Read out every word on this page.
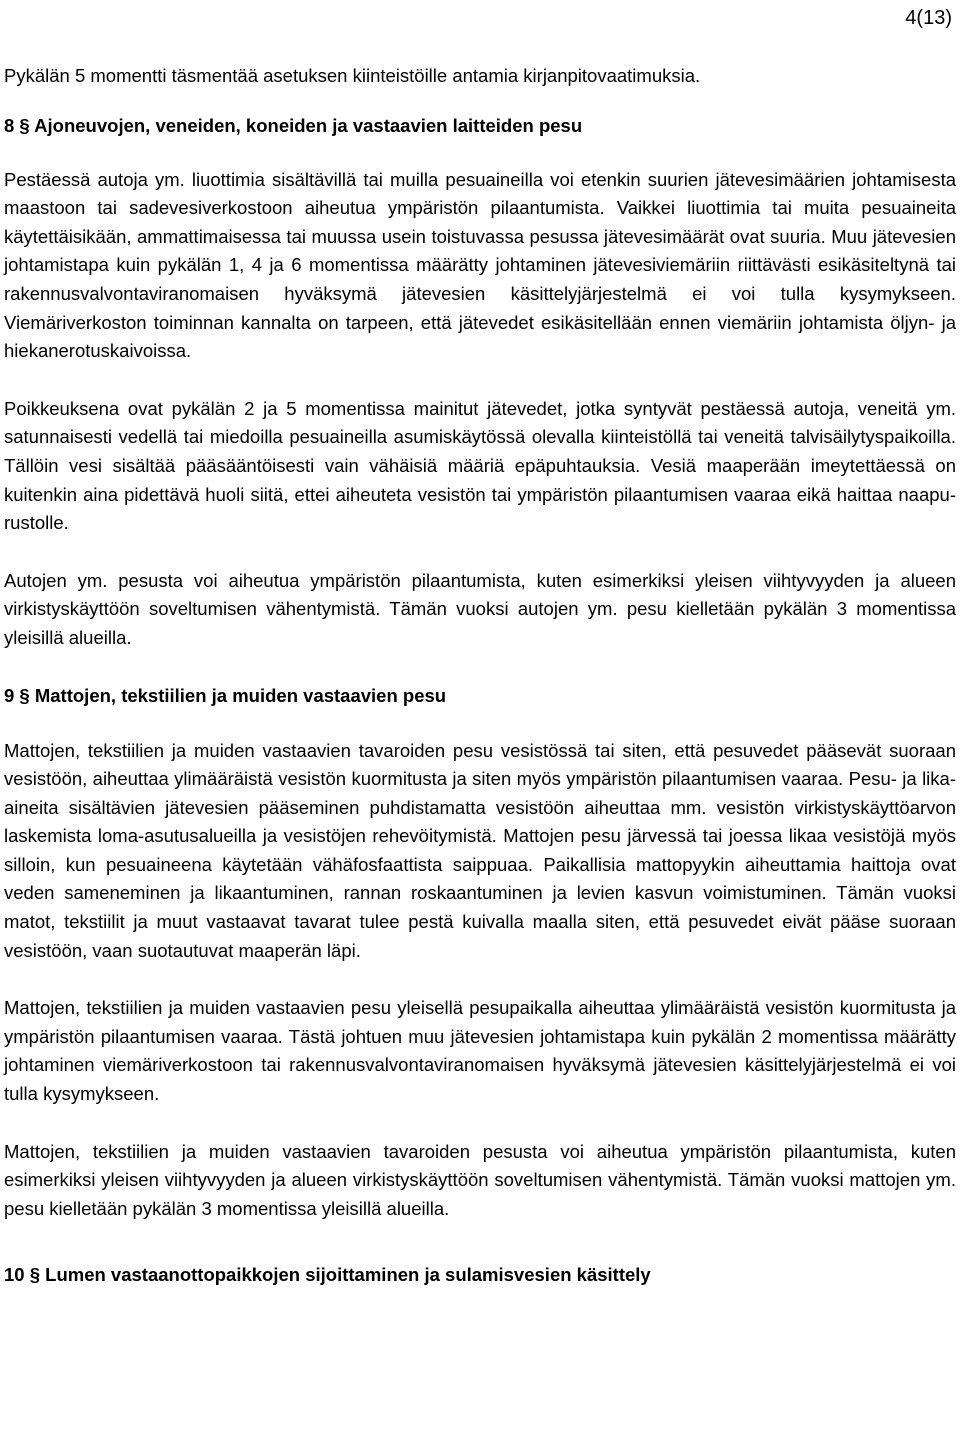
4(13)

Pykälän 5 momentti täsmentää asetuksen kiinteistöille antamia kirjanpitovaatimuksia.

8 § Ajoneuvojen, veneiden, koneiden ja vastaavien laitteiden pesu

Pestäessä autoja ym. liuottimia sisältävillä tai muilla pesuaineilla voi etenkin suurien jätevesimäärien johtamisesta maastoon tai sadevesiverkostoon aiheutua ympäristön pilaantumista. Vaikkei liuottimia tai muita pesuaineita käytettäisikään, ammattimaisessa tai muussa usein toistuvassa pesussa jätevesimäärät ovat suuria. Muu jätevesien johtamistapa kuin pykälän 1, 4 ja 6 momentissa määrätty johtaminen jätevesiviemäriin riittävästi esikäsiteltynä tai rakennusvalvontaviranomaisen hyväksymä jätevesien käsittelyjärjestelmä ei voi tulla kysymykseen. Viemäriverkoston toiminnan kannalta on tarpeen, että jätevedet esikäsitellään ennen viemäriin johtamista öljyn- ja hiekanerotuskaivoissa.

Poikkeuksena ovat pykälän 2 ja 5 momentissa mainitut jätevedet, jotka syntyvät pestäessä autoja, veneitä ym. satunnaisesti vedellä tai miedoilla pesuaineilla asumiskäytössä olevalla kiinteistöllä tai veneitä talvisäilytyspaikoilla. Tällöin vesi sisältää pääsääntöisesti vain vähäisiä määriä epäpuhtauksia. Vesiä maaperään imeytettäessä on kuitenkin aina pidettävä huoli siitä, ettei aiheuteta vesistön tai ympäristön pilaantumisen vaaraa eikä haittaa naapurustolle.

Autojen ym. pesusta voi aiheutua ympäristön pilaantumista, kuten esimerkiksi yleisen viihtyvyyden ja alueen virkistyskäyttöön soveltumisen vähentymistä. Tämän vuoksi autojen ym. pesu kielletään pykälän 3 momentissa yleisillä alueilla.

9 § Mattojen, tekstiilien ja muiden vastaavien pesu

Mattojen, tekstiilien ja muiden vastaavien tavaroiden pesu vesistössä tai siten, että pesuvedet pääsevät suoraan vesistöön, aiheuttaa ylimääräistä vesistön kuormitusta ja siten myös ympäristön pilaantumisen vaaraa. Pesu- ja lika-aineita sisältävien jätevesien pääseminen puhdistamatta vesistöön aiheuttaa mm. vesistön virkistyskäyttöarvon laskemista loma-asutusalueilla ja vesistöjen rehevöitymistä. Mattojen pesu järvessä tai joessa likaa vesistöjä myös silloin, kun pesuaineena käytetään vähäfosfaattista saippuaa. Paikallisia mattopyykin aiheuttamia haittoja ovat veden sameneminen ja likaantuminen, rannan roskaantuminen ja levien kasvun voimistuminen. Tämän vuoksi matot, tekstiilit ja muut vastaavat tavarat tulee pestä kuivalla maalla siten, että pesuvedet eivät pääse suoraan vesistöön, vaan suotautuvat maaperän läpi.

Mattojen, tekstiilien ja muiden vastaavien pesu yleisellä pesupaikalla aiheuttaa ylimääräistä vesistön kuormitusta ja ympäristön pilaantumisen vaaraa. Tästä johtuen muu jätevesien johtamistapa kuin pykälän 2 momentissa määrätty johtaminen viemäriverkostoon tai rakennusvalvontaviranomaisen hyväksymä jätevesien käsittelyjärjestelmä ei voi tulla kysymykseen.

Mattojen, tekstiilien ja muiden vastaavien tavaroiden pesusta voi aiheutua ympäristön pilaantumista, kuten esimerkiksi yleisen viihtyvyyden ja alueen virkistyskäyttöön soveltumisen vähentymistä. Tämän vuoksi mattojen ym. pesu kielletään pykälän 3 momentissa yleisillä alueilla.

10 § Lumen vastaanottopaikkojen sijoittaminen ja sulamisvesien käsittely
